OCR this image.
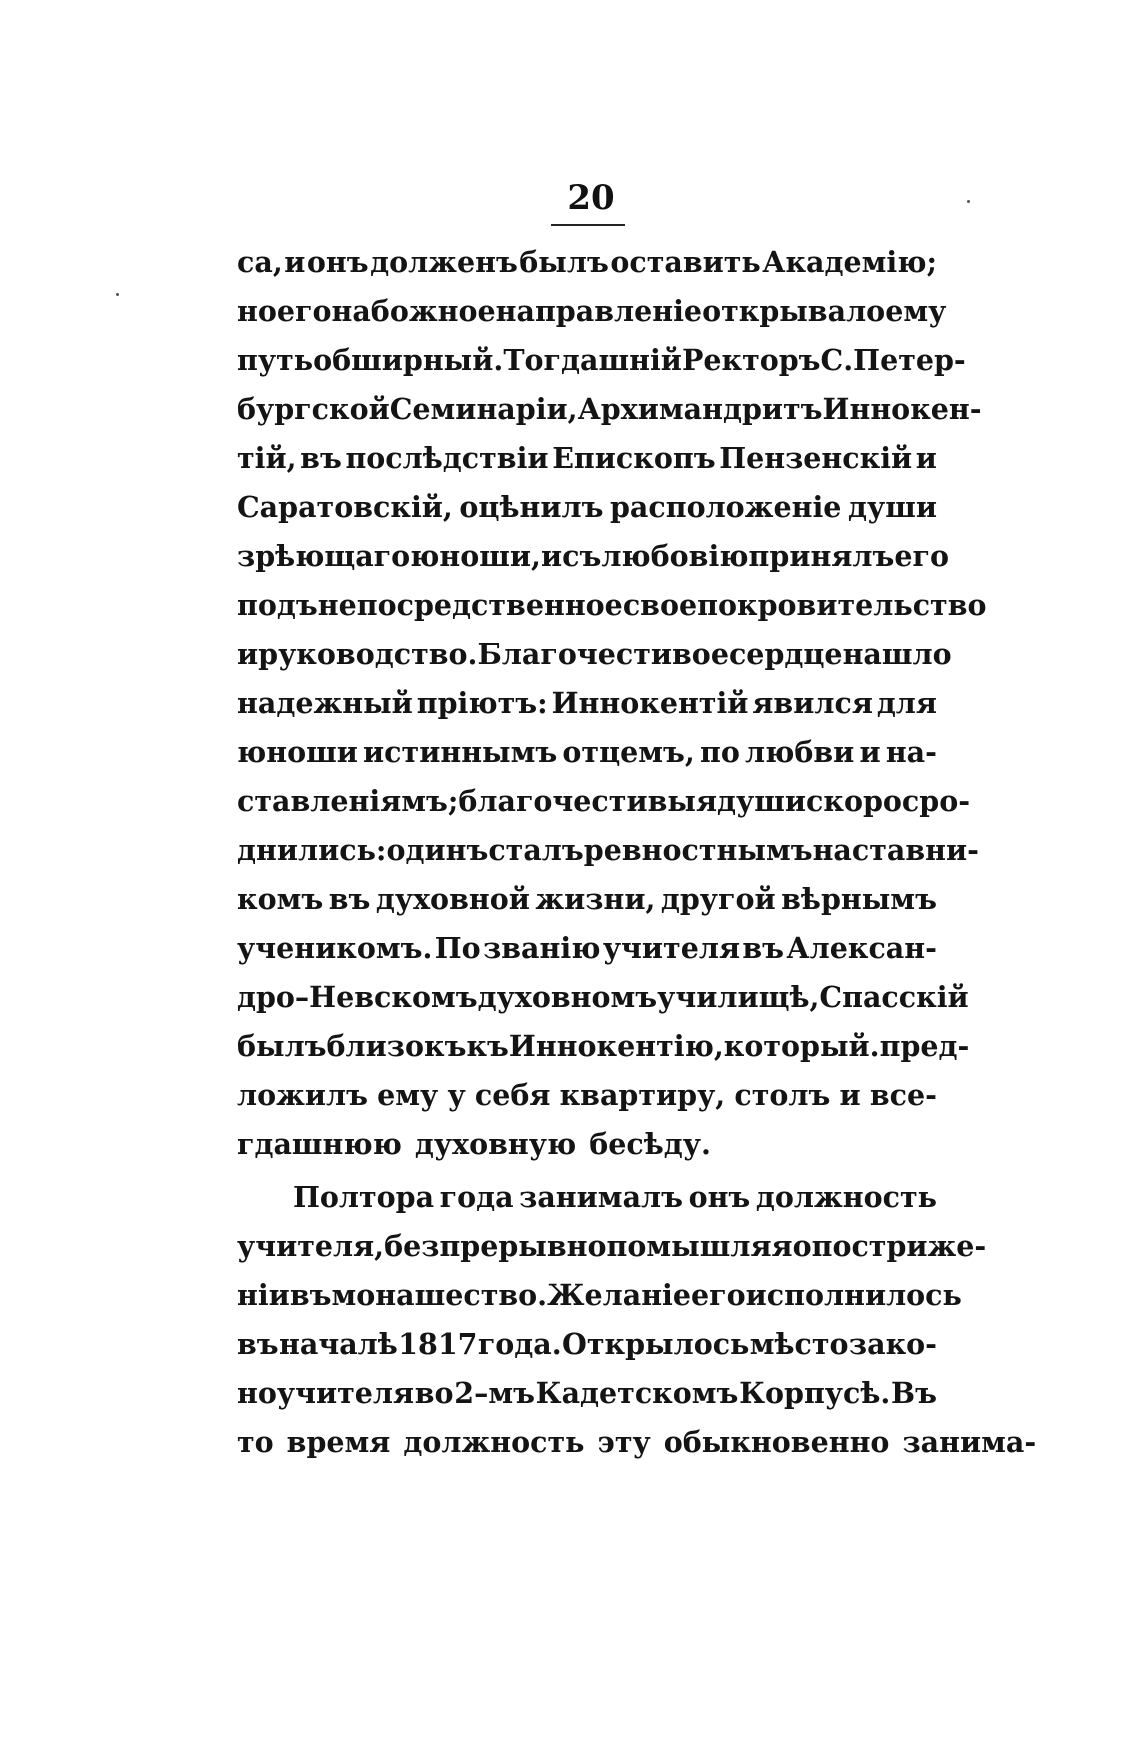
20
са, и онъ долженъ былъ оставить Академію;
но его набожное направленіе открывало ему
путь обширный. Тогдашній Ректоръ С.Петер-
бургской Семинаріи, Архимандритъ Иннокен-
тій, въ послѣдствіи Епископъ Пензенскій и
Саратовскій, оцѣнилъ расположеніе души
зрѣющаго юноши, и съ любовію принялъ его
подъ непосредственное свое покровительство
и руководство. Благочестивое сердце нашло
надежный пріютъ: Иннокентій явился для
юноши истиннымъ отцемъ, по любви и на-
ставленіямъ; благочестивыя души скоро сро-
днились: одинъ сталъ ревностнымъ наставни-
комъ въ духовной жизни, другой вѣрнымъ
ученикомъ. По званію учителя въ Алексан-
дро–Невскомъ духовномъ училищѣ, Спасскій
былъ близокъ къ Иннокентію, который .пред-
ложилъ ему у себя квартиру, столъ и все-
гдашнюю духовную бесѣду.
Полтора года занималъ онъ должность
учителя, безпрерывно помышляя о постриже-
ніи въ монашество. Желаніе его исполнилось
въ началѣ 1817 года. Открылось мѣсто зако-
ноучителя во 2–мъ Кадетскомъ Корпусѣ. Въ
то время должность эту обыкновенно занима-
